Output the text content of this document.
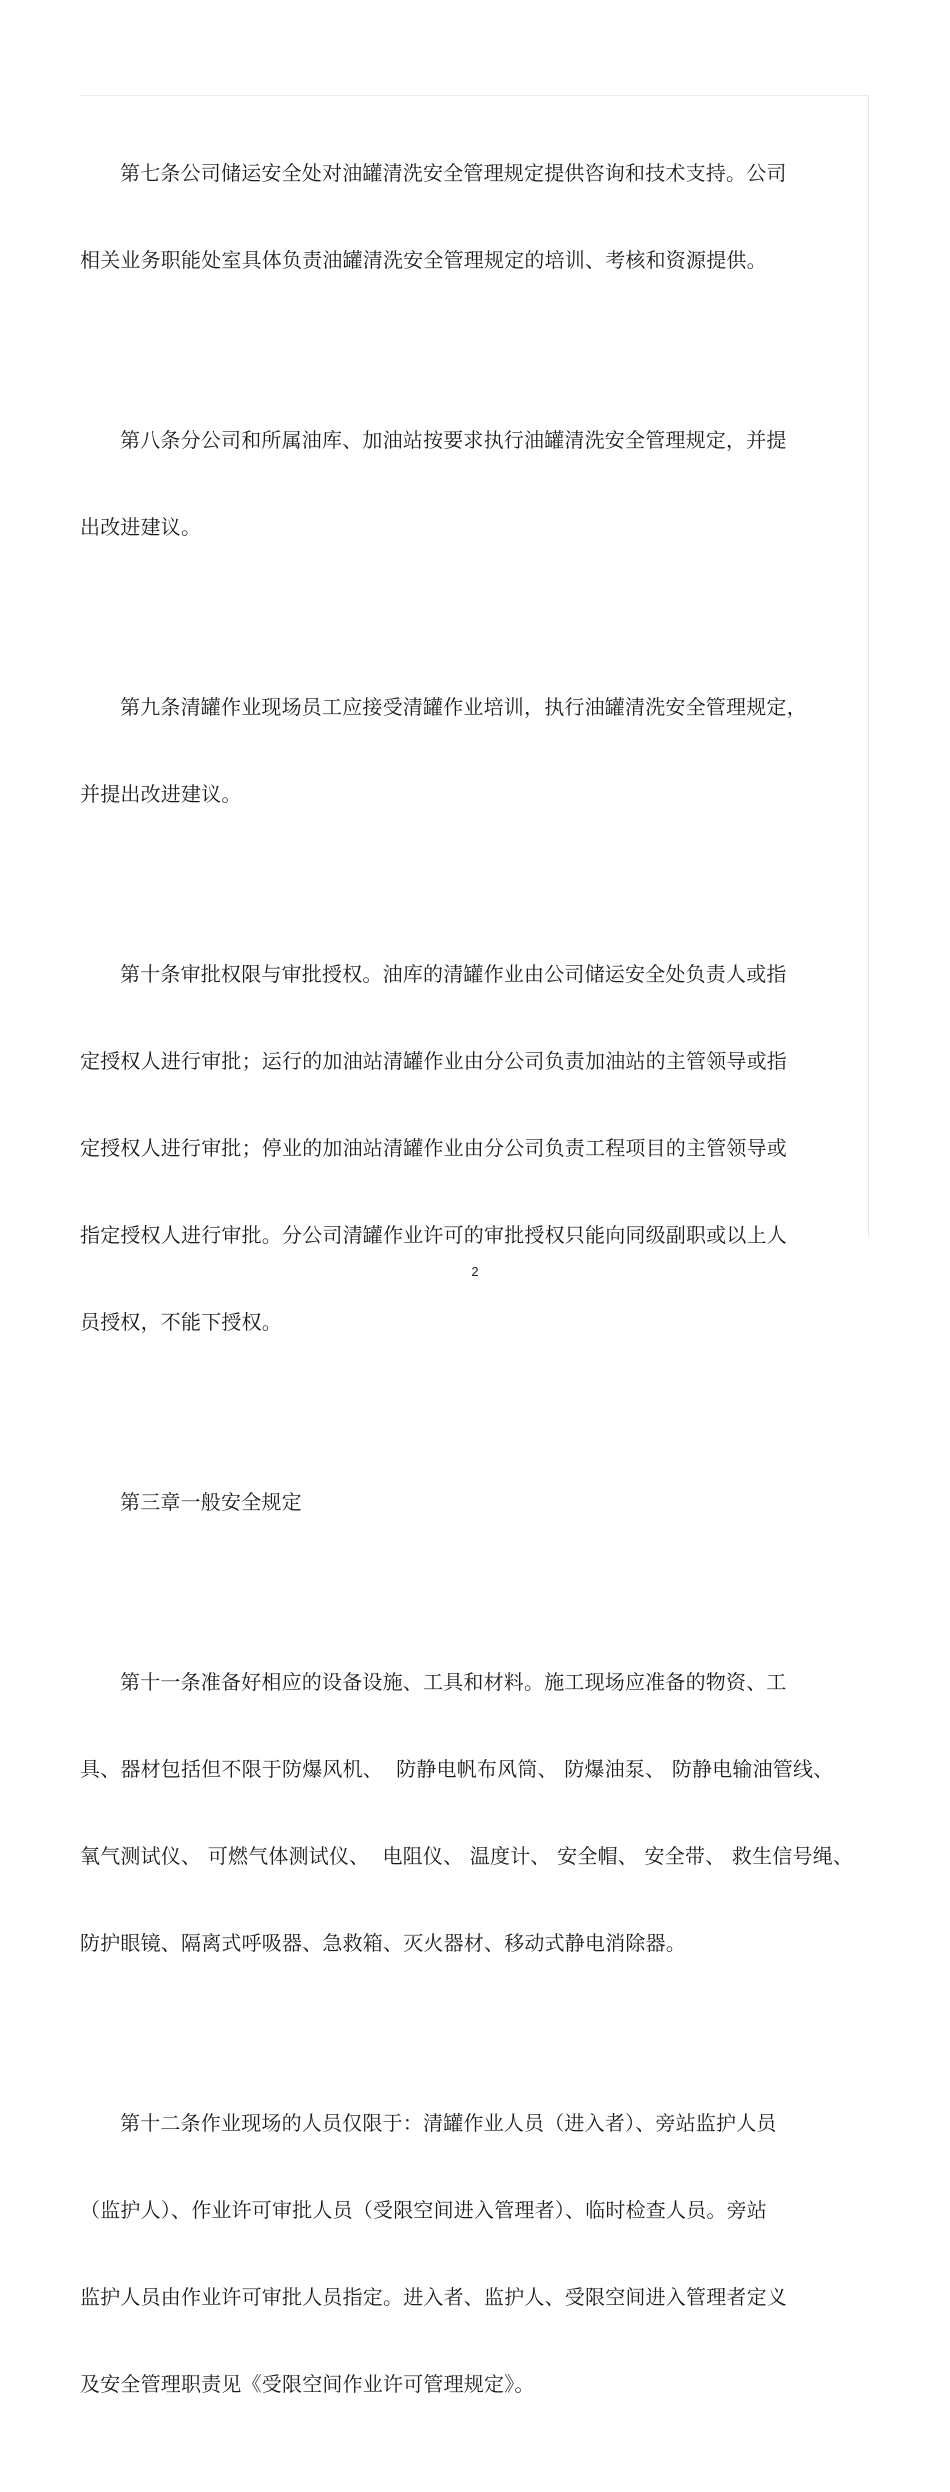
第七条公司储运安全处对油罐清洗安全管理规定提供咨询和技术支持。公司

相关业务职能处室具体负责油罐清洗安全管理规定的培训、考核和资源提供。

第八条分公司和所属油库、加油站按要求执行油罐清洗安全管理规定，并提

出改进建议。

第九条清罐作业现场员工应接受清罐作业培训，执行油罐清洗安全管理规定，

并提出改进建议。

第十条审批权限与审批授权。油库的清罐作业由公司储运安全处负责人或指

定授权人进行审批；运行的加油站清罐作业由分公司负责加油站的主管领导或指

定授权人进行审批；停业的加油站清罐作业由分公司负责工程项目的主管领导或

指定授权人进行审批。分公司清罐作业许可的审批授权只能向同级副职或以上人

员授权，不能下授权。

第三章一般安全规定

第十一条准备好相应的设备设施、工具和材料。施工现场应准备的物资、工

具、器材包括但不限于防爆风机、  防静电帆布风筒、 防爆油泵、 防静电输油管线、

氧气测试仪、 可燃气体测试仪、  电阻仪、 温度计、 安全帽、 安全带、 救生信号绳、

防护眼镜、隔离式呼吸器、急救箱、灭火器材、移动式静电消除器。

第十二条作业现场的人员仅限于：清罐作业人员（进入者）、旁站监护人员

（监护人）、作业许可审批人员（受限空间进入管理者）、临时检查人员。旁站

监护人员由作业许可审批人员指定。进入者、监护人、受限空间进入管理者定义

及安全管理职责见《受限空间作业许可管理规定》。

2
